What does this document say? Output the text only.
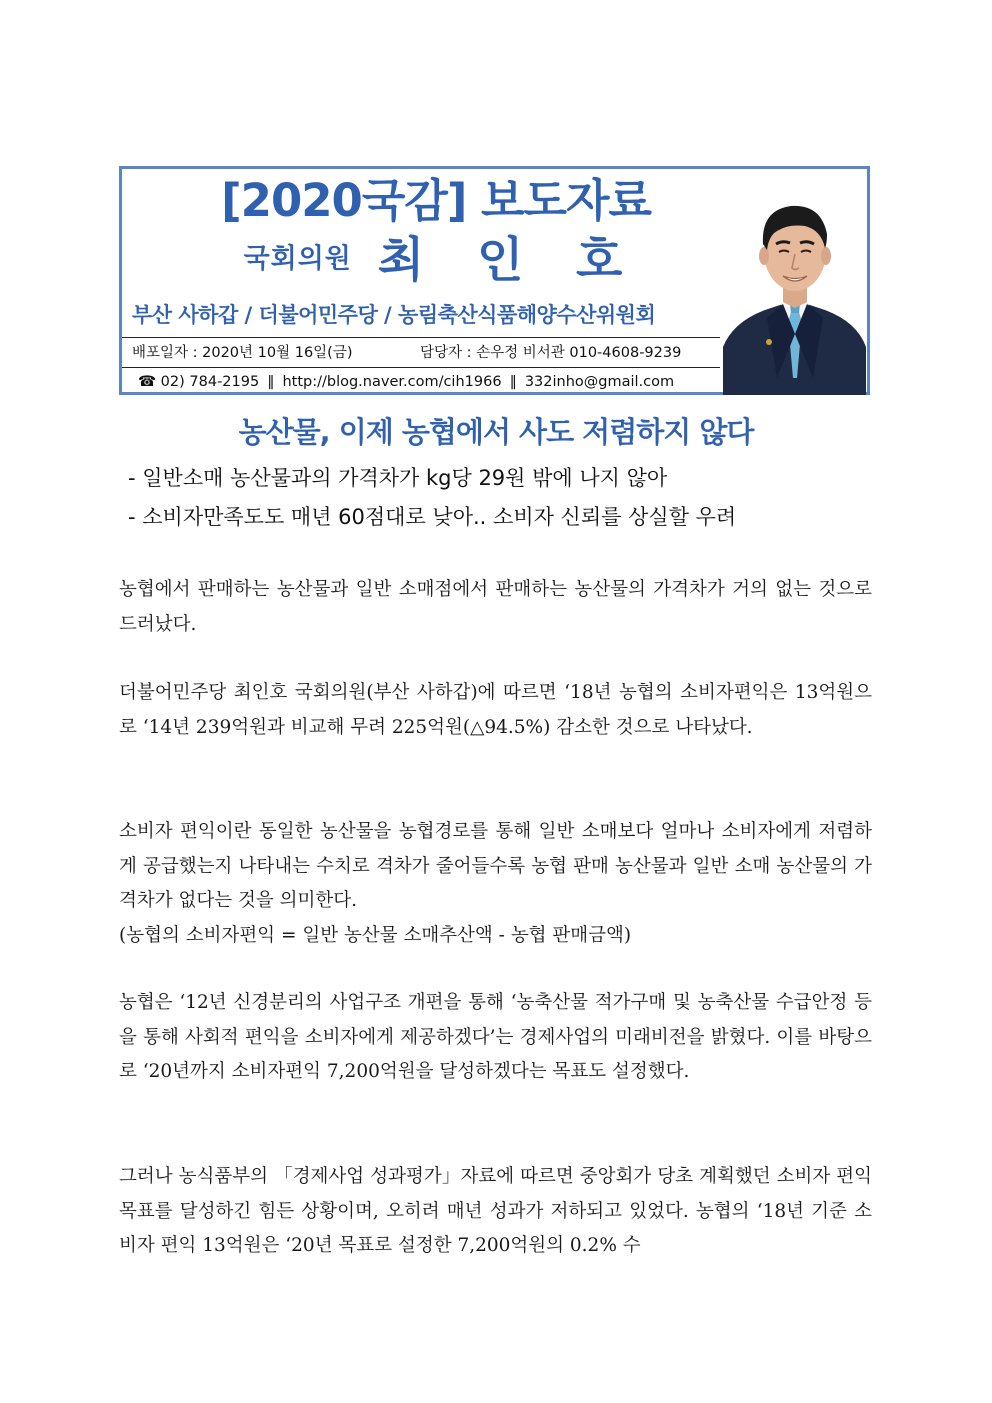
[2020국감] 보도자료
국회의원 최 인 호
부산 사하갑 / 더불어민주당 / 농림축산식품해양수산위원회
배포일자 : 2020년 10월 16일(금)	담당자 : 손우정 비서관 010-4608-9239
☎ 02) 784-2195 ‖ http://blog.naver.com/cih1966 ‖ 332inho@gmail.com
농산물, 이제 농협에서 사도 저렴하지 않다
- 일반소매 농산물과의 가격차가 kg당 29원 밖에 나지 않아
- 소비자만족도도 매년 60점대로 낮아.. 소비자 신뢰를 상실할 우려

농협에서 판매하는 농산물과 일반 소매점에서 판매하는 농산물의 가격차가 거의 없는 것으로 드러났다.

더불어민주당 최인호 국회의원(부산 사하갑)에 따르면 ‘18년 농협의 소비자편익은 13억원으로 ‘14년 239억원과 비교해 무려 225억원(△94.5%) 감소한 것으로 나타났다.

소비자 편익이란 동일한 농산물을 농협경로를 통해 일반 소매보다 얼마나 소비자에게 저렴하게 공급했는지 나타내는 수치로 격차가 줄어들수록 농협 판매 농산물과 일반 소매 농산물의 가격차가 없다는 것을 의미한다.
(농협의 소비자편익 = 일반 농산물 소매추산액 - 농협 판매금액)

농협은 ‘12년 신경분리의 사업구조 개편을 통해 ‘농축산물 적가구매 및 농축산물 수급안정 등을 통해 사회적 편익을 소비자에게 제공하겠다’는 경제사업의 미래비전을 밝혔다. 이를 바탕으로 ‘20년까지 소비자편익 7,200억원을 달성하겠다는 목표도 설정했다.

그러나 농식품부의 「경제사업 성과평가」자료에 따르면 중앙회가 당초 계획했던 소비자 편익 목표를 달성하긴 힘든 상황이며, 오히려 매년 성과가 저하되고 있었다. 농협의 ‘18년 기준 소비자 편익 13억원은 ‘20년 목표로 설정한 7,200억원의 0.2% 수
